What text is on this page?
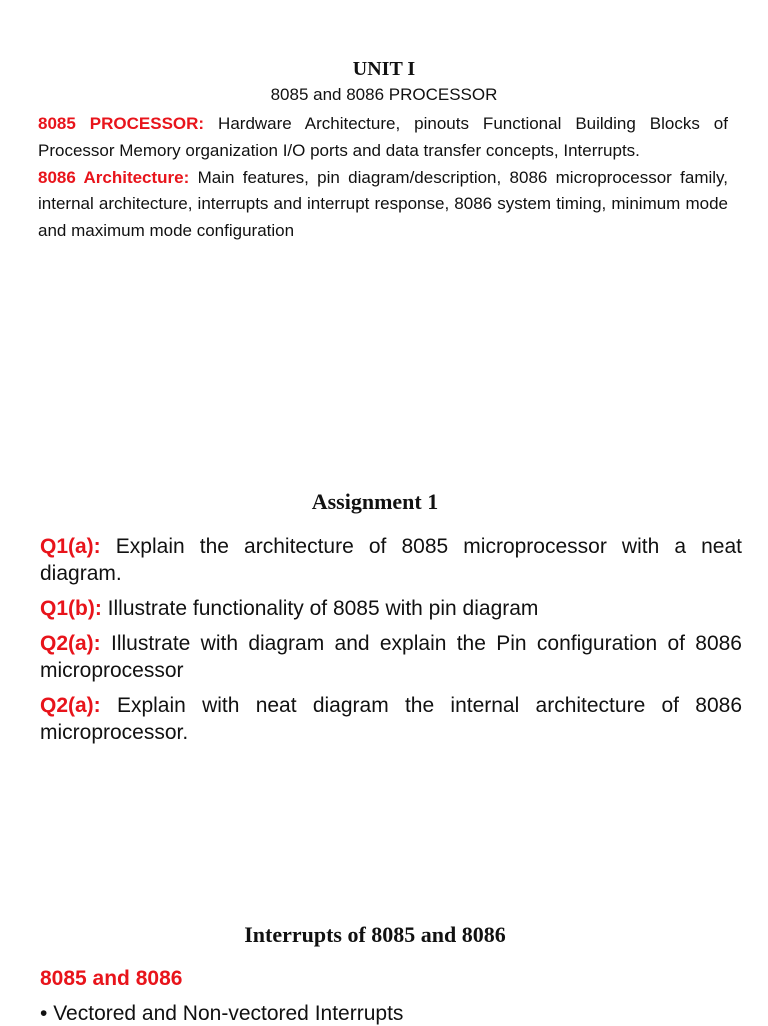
UNIT I
8085 and 8086 PROCESSOR

8085 PROCESSOR: Hardware Architecture, pinouts Functional Building Blocks of Processor Memory organization I/O ports and data transfer concepts, Interrupts.

8086 Architecture: Main features, pin diagram/description, 8086 microprocessor family, internal architecture, interrupts and interrupt response, 8086 system timing, minimum mode and maximum mode configuration

Assignment 1

Q1(a): Explain the architecture of 8085 microprocessor with a neat diagram.

Q1(b): Illustrate functionality of 8085 with pin diagram

Q2(a): Illustrate with diagram and explain the Pin configuration of 8086 microprocessor

Q2(a): Explain with neat diagram the internal architecture of 8086 microprocessor.

Interrupts of 8085 and 8086
8085 and 8086
• Vectored and Non-vectored Interrupts
